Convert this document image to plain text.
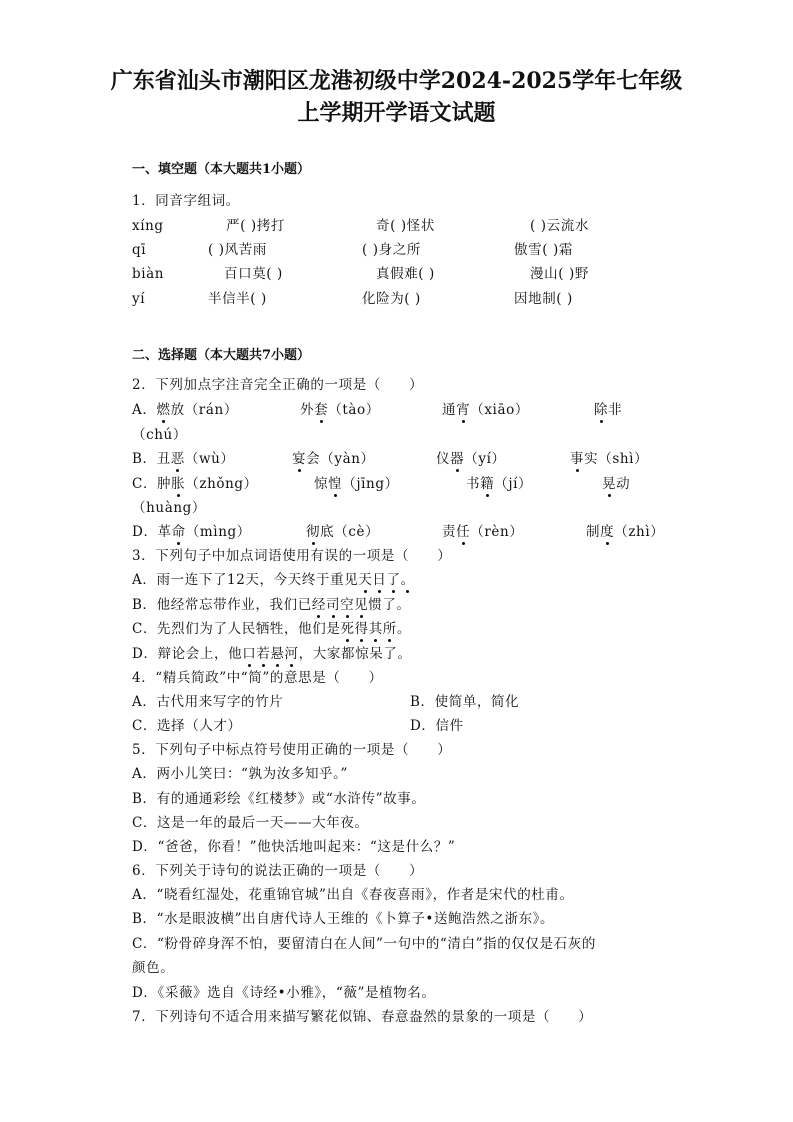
广东省汕头市潮阳区龙港初级中学2024-2025学年七年级
上学期开学语文试题
一、填空题（本大题共1小题）
1．同音字组词。
xíng	严( )拷打	奇( )怪状	( )云流水
qī	( )风苦雨	( )身之所	傲雪( )霜
biàn	百口莫( )	真假难( )	漫山( )野
yí	半信半( )	化险为( )	因地制( )
二、选择题（本大题共7小题）
2．下列加点字注音完全正确的一项是（　　）
A．燃放（rán）	外套（tào）	通宵（xiāo）	除非
（chú）
B．丑恶（wù）	宴会（yàn）	仪器（yí）	事实（shì）
C．肿胀（zhǒng）	惊惶（jīng）	书籍（jí）	晃动
（huàng）
D．革命（mìng）	彻底（cè）	责任（rèn）	制度（zhì）
3．下列句子中加点词语使用有误的一项是（　　）
A．雨一连下了12天，今天终于重见天日了。
B．他经常忘带作业，我们已经司空见惯了。
C．先烈们为了人民牺牲，他们是死得其所。
D．辩论会上，他口若悬河，大家都惊呆了。
4．“精兵简政”中“简”的意思是（　　）
A．古代用来写字的竹片	B．使简单，简化
C．选择（人才）	D．信件
5．下列句子中标点符号使用正确的一项是（　　）
A．两小儿笑曰：“孰为汝多知乎。”
B．有的通通彩绘《红楼梦》或“水浒传”故事。
C．这是一年的最后一天——大年夜。
D．“爸爸，你看！”他快活地叫起来：“这是什么？”
6．下列关于诗句的说法正确的一项是（　　）
A．“晓看红湿处，花重锦官城”出自《春夜喜雨》，作者是宋代的杜甫。
B．“水是眼波横”出自唐代诗人王维的《卜算子•送鲍浩然之浙东》。
C．“粉骨碎身浑不怕，要留清白在人间”一句中的“清白”指的仅仅是石灰的
颜色。
D．《采薇》选自《诗经•小雅》，“薇”是植物名。
7．下列诗句不适合用来描写繁花似锦、春意盎然的景象的一项是（　　）
